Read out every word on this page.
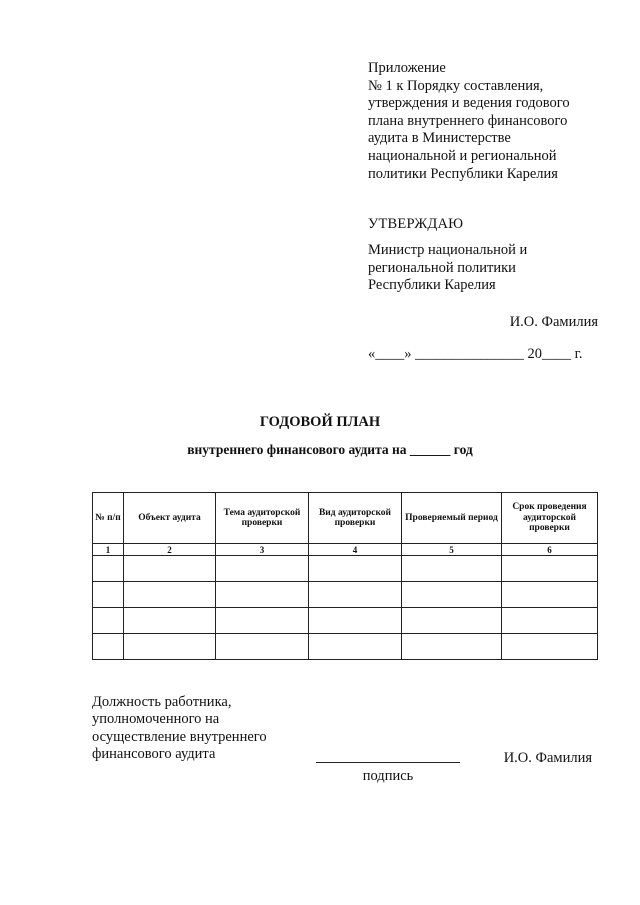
Приложение
№ 1 к Порядку составления,
утверждения и ведения годового
плана внутреннего финансового
аудита в Министерстве
национальной и региональной
политики Республики Карелия
УТВЕРЖДАЮ
Министр национальной и
региональной политики
Республики Карелия
И.О. Фамилия
«____» _______________ 20____ г.
ГОДОВОЙ ПЛАН
внутреннего финансового аудита на ______ год
№ п/п	Объект аудита	Тема аудиторской проверки	Вид аудиторской проверки	Проверяемый период	Срок проведения аудиторской проверки
1	2	3	4	5	6

Должность работника,
уполномоченного на
осуществление внутреннего
финансового аудита
подпись
И.О. Фамилия
